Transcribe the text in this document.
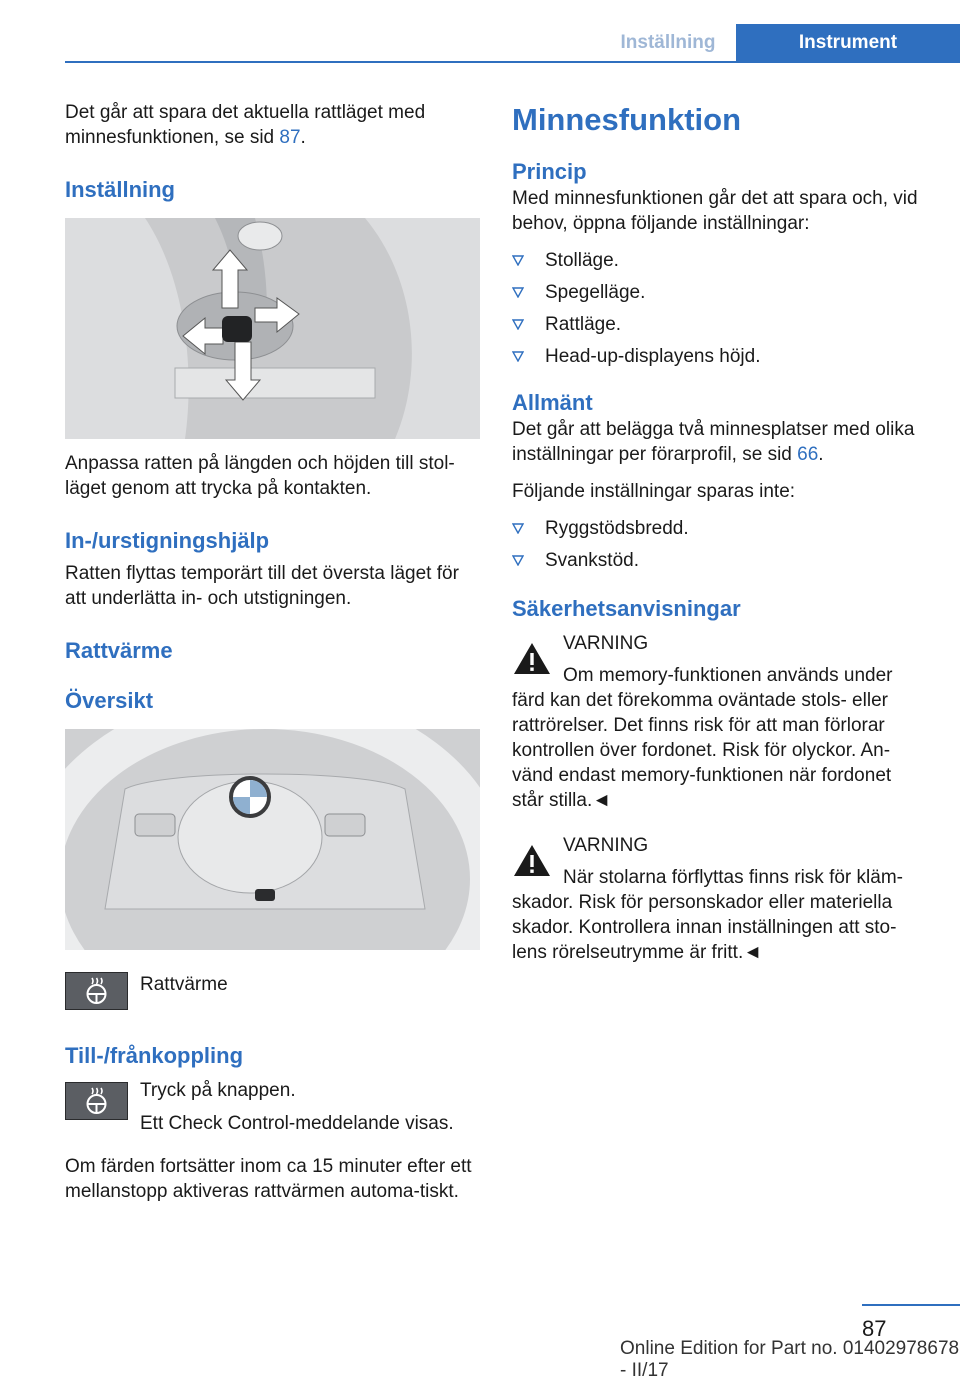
Inställning	Instrument

Det går att spara det aktuella rattläget med minnesfunktionen, se sid 87.

Inställning

Anpassa ratten på längden och höjden till stol-läget genom att trycka på kontakten.

In-/urstigningshjälp

Ratten flyttas temporärt till det översta läget för att underlätta in- och utstigningen.

Rattvärme
Översikt

Rattvärme

Till-/frånkoppling

Tryck på knappen.

Ett Check Control-meddelande visas.

Om färden fortsätter inom ca 15 minuter efter ett mellanstopp aktiveras rattvärmen automa-tiskt.

Minnesfunktion
Princip

Med minnesfunktionen går det att spara och, vid behov, öppna följande inställningar:

Stolläge.
Spegelläge.
Rattläge.
Head-up-displayens höjd.
Allmänt

Det går att belägga två minnesplatser med olika inställningar per förarprofil, se sid 66.

Följande inställningar sparas inte:

Ryggstödsbredd.
Svankstöd.
Säkerhetsanvisningar

VARNING

Om memory-funktionen används under

färd kan det förekomma oväntade stols- eller rattrörelser. Det finns risk för att man förlorar kontrollen över fordonet. Risk för olyckor. An-vänd endast memory-funktionen när fordonet står stilla.◄

VARNING

När stolarna förflyttas finns risk för kläm-

skador. Risk för personskador eller materiella skador. Kontrollera innan inställningen att sto-lens rörelseutrymme är fritt.◄

87
Online Edition for Part no. 01402978678 - II/17
